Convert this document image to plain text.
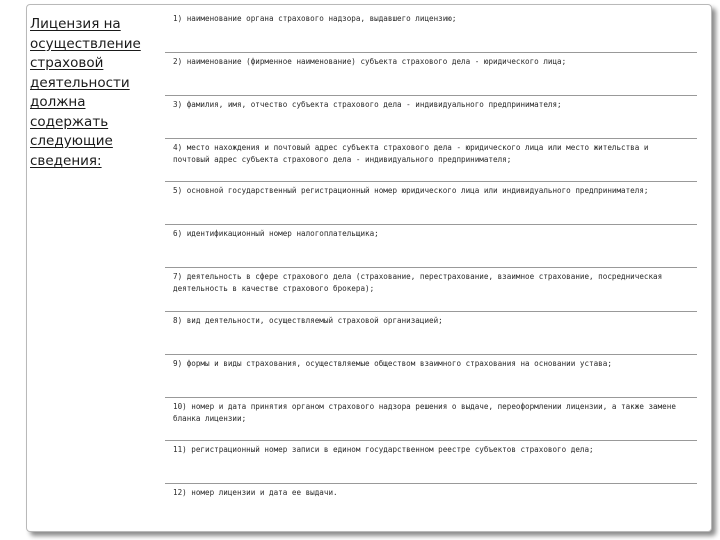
Лицензия на осуществление страховой деятельности должна содержать следующие сведения:
1) наименование органа страхового надзора, выдавшего лицензию;
2) наименование (фирменное наименование) субъекта страхового дела - юридического лица;
3) фамилия, имя, отчество субъекта страхового дела - индивидуального предпринимателя;
4) место нахождения и почтовый адрес субъекта страхового дела - юридического лица или место жительства и почтовый адрес субъекта страхового дела - индивидуального предпринимателя;
5) основной государственный регистрационный номер юридического лица или индивидуального предпринимателя;
6) идентификационный номер налогоплательщика;
7) деятельность в сфере страхового дела (страхование, перестрахование, взаимное страхование, посредническая деятельность в качестве страхового брокера);
8) вид деятельности, осуществляемый страховой организацией;
9) формы и виды страхования, осуществляемые обществом взаимного страхования на основании устава;
10) номер и дата принятия органом страхового надзора решения о выдаче, переоформлении лицензии, а также замене бланка лицензии;
11) регистрационный номер записи в едином государственном реестре субъектов страхового дела;
12) номер лицензии и дата ее выдачи.
